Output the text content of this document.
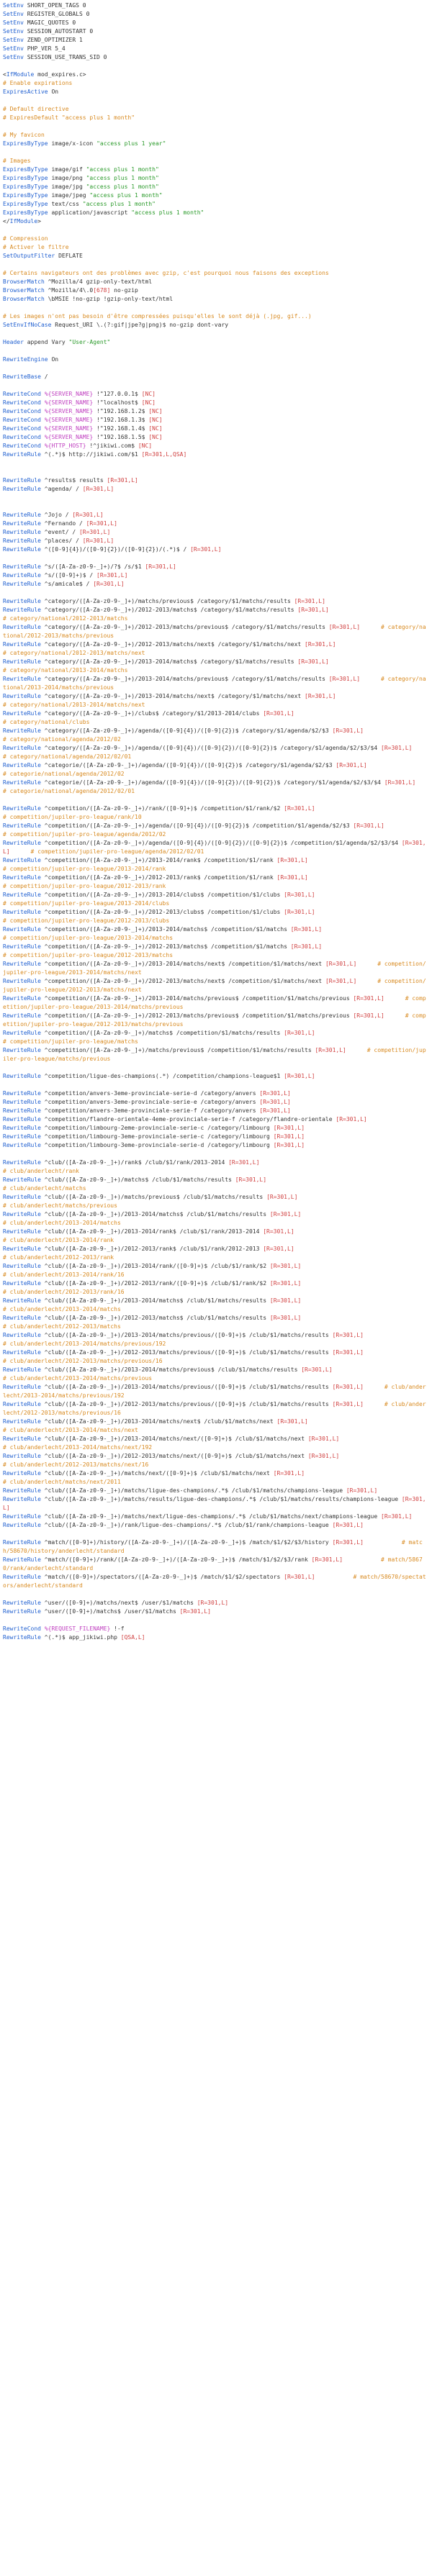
SetEnv SHORT_OPEN_TAGS 0
SetEnv REGISTER_GLOBALS 0
SetEnv MAGIC_QUOTES 0
SetEnv SESSION_AUTOSTART 0
SetEnv ZEND_OPTIMIZER 1
SetEnv PHP_VER 5_4
SetEnv SESSION_USE_TRANS_SID 0
<IfModule mod_expires.c>
# Enable expirations
ExpiresActive On
# Default directive
# ExpiresDefault "access plus 1 month"
# My favicon
ExpiresByType image/x-icon "access plus 1 year"
# Images
ExpiresByType image/gif "access plus 1 month"
ExpiresByType image/png "access plus 1 month"
ExpiresByType image/jpg "access plus 1 month"
ExpiresByType image/jpeg "access plus 1 month"
ExpiresByType text/css "access plus 1 month"
ExpiresByType application/javascript "access plus 1 month"
</IfModule>
# Compression
# Activer le filtre
SetOutputFilter DEFLATE
# Certains navigateurs ont des problèmes avec gzip, c'est pourquoi nous faisons des exceptions
BrowserMatch ^Mozilla/4 gzip-only-text/html
BrowserMatch ^Mozilla/4\.0[678] no-gzip
BrowserMatch \bMSIE !no-gzip !gzip-only-text/html
# Les images n'ont pas besoin d'être compressées puisqu'elles le sont déjà (.jpg, gif...)
SetEnvIfNoCase Request_URI \.(?:gif|jpe?g|png)$ no-gzip dont-vary
Header append Vary "User-Agent"
RewriteEngine On
RewriteBase /
RewriteCond %{SERVER_NAME} !"127.0.0.1$ [NC]
RewriteCond %{SERVER_NAME} !"localhost$ [NC]
RewriteCond %{SERVER_NAME} !"192.168.1.2$ [NC]
RewriteCond %{SERVER_NAME} !"192.168.1.3$ [NC]
RewriteCond %{SERVER_NAME} !"192.168.1.4$ [NC]
RewriteCond %{SERVER_NAME} !"192.168.1.5$ [NC]
RewriteCond %{HTTP_HOST} !^jikiwi.com$ [NC]
RewriteRule ^(.*)$ http://jikiwi.com/$1 [R=301,L,QSA]
RewriteRule ^results$ results [R=301,L]
RewriteRule ^agenda/ / [R=301,L]
RewriteRule ^Jojo / [R=301,L]
RewriteRule ^Fernando / [R=301,L]
RewriteRule ^event/ / [R=301,L]
RewriteRule ^places/ / [R=301,L]
RewriteRule ^([0-9]{4})/([0-9]{2})/([0-9]{2})/(.*)$ / [R=301,L]
RewriteRule ^s/([A-Za-z0-9-_]+)/?$ /s/$1 [R=301,L]
RewriteRule ^s/([0-9]+)$ / [R=301,L]
RewriteRule ^s/amicale$ / [R=301,L]
RewriteRule ^category/([A-Za-z0-9-_]+)/matchs/previous$ /category/$1/matchs/results [R=301,L]
RewriteRule ^category/([A-Za-z0-9-_]+)/2012-2013/matchs$ /category/$1/matchs/results [R=301,L]
# category/national/2012-2013/matchs
RewriteRule ^category/([A-Za-z0-9-_]+)/2012-2013/matchs/previous$ /category/$1/matchs/results [R=301,L]	# category/national/2012-2013/matchs/previous
RewriteRule ^category/([A-Za-z0-9-_]+)/2012-2013/matchs/next$ /category/$1/matchs/next [R=301,L]
# category/national/2012-2013/matchs/next
RewriteRule ^category/([A-Za-z0-9-_]+)/2013-2014/matchs$ /category/$1/matchs/results [R=301,L]
# category/national/2013-2014/matchs
RewriteRule ^category/([A-Za-z0-9-_]+)/2013-2014/matchs/previous$ /category/$1/matchs/results [R=301,L]	# category/national/2013-2014/matchs/previous
RewriteRule ^category/([A-Za-z0-9-_]+)/2013-2014/matchs/next$ /category/$1/matchs/next [R=301,L]
# category/national/2013-2014/matchs/next
RewriteRule ^category/([A-Za-z0-9-_]+)/clubs$ /category/$1/2013-2014/clubs [R=301,L]
# category/national/clubs
RewriteRule ^category/([A-Za-z0-9-_]+)/agenda/([0-9]{4})/([0-9]{2})$ /category/$1/agenda/$2/$3 [R=301,L]
# category/national/agenda/2012/02
RewriteRule ^category/([A-Za-z0-9-_]+)/agenda/([0-9]{4})/([0-9]{2})/([0-9]{2})$ /category/$1/agenda/$2/$3/$4 [R=301,L]      # category/national/agenda/2012/02/01
RewriteRule ^categorie/([A-Za-z0-9-_]+)/agenda/([0-9]{4})/([0-9]{2})$ /category/$1/agenda/$2/$3 [R=301,L]
# categorie/national/agenda/2012/02
RewriteRule ^categorie/([A-Za-z0-9-_]+)/agenda/([0-9]{4})/([0-9]{2})/([0-9]{2})$ /category/$1/agenda/$2/$3/$4 [R=301,L]      # categorie/national/agenda/2012/02/01
RewriteRule ^competition/([A-Za-z0-9-_]+)/rank/([0-9]+)$ /competition/$1/rank/$2 [R=301,L]
# competition/jupiler-pro-league/rank/10
RewriteRule ^competition/([A-Za-z0-9-_]+)/agenda/([0-9]{4})/([0-9]{2})$ /competition/$1/agenda/$2/$3 [R=301,L]
# competition/jupiler-pro-league/agenda/2012/02
RewriteRule ^competition/([A-Za-z0-9-_]+)/agenda/([0-9]{4})/([0-9]{2})/([0-9]{2})$ /competition/$1/agenda/$2/$3/$4 [R=301,L]	# competition/jupiler-pro-league/agenda/2012/02/01
RewriteRule ^competition/([A-Za-z0-9-_]+)/2013-2014/rank$ /competition/$1/rank [R=301,L]
# competition/jupiler-pro-league/2013-2014/rank
RewriteRule ^competition/([A-Za-z0-9-_]+)/2012-2013/rank$ /competition/$1/rank [R=301,L]
# competition/jupiler-pro-league/2012-2013/rank
RewriteRule ^competition/([A-Za-z0-9-_]+)/2013-2014/clubs$ /competition/$1/clubs [R=301,L]
# competition/jupiler-pro-league/2013-2014/clubs
RewriteRule ^competition/([A-Za-z0-9-_]+)/2012-2013/clubs$ /competition/$1/clubs [R=301,L]
# competition/jupiler-pro-league/2012-2013/clubs
RewriteRule ^competition/([A-Za-z0-9-_]+)/2013-2014/matchs$ /competition/$1/matchs [R=301,L]
# competition/jupiler-pro-league/2013-2014/matchs
RewriteRule ^competition/([A-Za-z0-9-_]+)/2012-2013/matchs$ /competition/$1/matchs [R=301,L]
# competition/jupiler-pro-league/2012-2013/matchs
RewriteRule ^competition/([A-Za-z0-9-_]+)/2013-2014/matchs/next$ /competition/$1/matchs/next [R=301,L]	# competition/jupiler-pro-league/2013-2014/matchs/next
RewriteRule ^competition/([A-Za-z0-9-_]+)/2012-2013/matchs/next$ /competition/$1/matchs/next [R=301,L]	# competition/jupiler-pro-league/2012-2013/matchs/next
RewriteRule ^competition/([A-Za-z0-9-_]+)/2013-2014/matchs/previous$ /competition/$1/matchs/previous [R=301,L]	# competition/jupiler-pro-league/2013-2014/matchs/previous
RewriteRule ^competition/([A-Za-z0-9-_]+)/2012-2013/matchs/previous$ /competition/$1/matchs/previous [R=301,L]	# competition/jupiler-pro-league/2012-2013/matchs/previous
RewriteRule ^competition/([A-Za-z0-9-_]+)/matchs$ /competition/$1/matchs/results [R=301,L]
# competition/jupiler-pro-league/matchs
RewriteRule ^competition/([A-Za-z0-9-_]+)/matchs/previous$ /competition/$1/matchs/results [R=301,L]	# competition/jupiler-pro-league/matchs/previous
RewriteRule ^competition/ligue-des-champions(.*) /competition/champions-league$1 [R=301,L]
RewriteRule ^competition/anvers-3eme-provinciale-serie-d /category/anvers [R=301,L]
RewriteRule ^competition/anvers-3eme-provinciale-serie-e /category/anvers [R=301,L]
RewriteRule ^competition/anvers-3eme-provinciale-serie-f /category/anvers [R=301,L]
RewriteRule ^competition/flandre-orientale-4eme-provinciale-serie-f /category/flandre-orientale [R=301,L]
RewriteRule ^competition/limbourg-2eme-provinciale-serie-c /category/limbourg [R=301,L]
RewriteRule ^competition/limbourg-3eme-provinciale-serie-c /category/limbourg [R=301,L]
RewriteRule ^competition/limbourg-3eme-provinciale-serie-d /category/limbourg [R=301,L]
RewriteRule ^club/([A-Za-z0-9-_]+)/rank$ /club/$1/rank/2013-2014 [R=301,L]
# club/anderlecht/rank
RewriteRule ^club/([A-Za-z0-9-_]+)/matchs$ /club/$1/matchs/results [R=301,L]
# club/anderlecht/matchs
RewriteRule ^club/([A-Za-z0-9-_]+)/matchs/previous$ /club/$1/matchs/results [R=301,L]
# club/anderlecht/matchs/previous
RewriteRule ^club/([A-Za-z0-9-_]+)/2013-2014/matchs$ /club/$1/matchs/results [R=301,L]
# club/anderlecht/2013-2014/matchs
RewriteRule ^club/([A-Za-z0-9-_]+)/2013-2014/rank$ /club/$1/rank/2013-2014 [R=301,L]
# club/anderlecht/2013-2014/rank
RewriteRule ^club/([A-Za-z0-9-_]+)/2012-2013/rank$ /club/$1/rank/2012-2013 [R=301,L]
# club/anderlecht/2012-2013/rank
RewriteRule ^club/([A-Za-z0-9-_]+)/2013-2014/rank/([0-9]+)$ /club/$1/rank/$2 [R=301,L]
# club/anderlecht/2013-2014/rank/16
RewriteRule ^club/([A-Za-z0-9-_]+)/2012-2013/rank/([0-9]+)$ /club/$1/rank/$2 [R=301,L]
# club/anderlecht/2012-2013/rank/16
RewriteRule ^club/([A-Za-z0-9-_]+)/2013-2014/matchs$ /club/$1/matchs/results [R=301,L]
# club/anderlecht/2013-2014/matchs
RewriteRule ^club/([A-Za-z0-9-_]+)/2012-2013/matchs$ /club/$1/matchs/results [R=301,L]
# club/anderlecht/2012-2013/matchs
RewriteRule ^club/([A-Za-z0-9-_]+)/2013-2014/matchs/previous/([0-9]+)$ /club/$1/matchs/results [R=301,L]
# club/anderlecht/2013-2014/matchs/previous/192
RewriteRule ^club/([A-Za-z0-9-_]+)/2012-2013/matchs/previous/([0-9]+)$ /club/$1/matchs/results [R=301,L]
# club/anderlecht/2012-2013/matchs/previous/16
RewriteRule ^club/([A-Za-z0-9-_]+)/2013-2014/matchs/previous$ /club/$1/matchs/results [R=301,L]
# club/anderlecht/2013-2014/matchs/previous
RewriteRule ^club/([A-Za-z0-9-_]+)/2013-2014/matchs/previous/([0-9]+)$ /club/$1/matchs/results [R=301,L]	# club/anderlecht/2013-2014/matchs/previous/192
RewriteRule ^club/([A-Za-z0-9-_]+)/2012-2013/matchs/previous/([0-9]+)$ /club/$1/matchs/results [R=301,L]	# club/anderlecht/2012-2013/matchs/previous/16
RewriteRule ^club/([A-Za-z0-9-_]+)/2013-2014/matchs/next$ /club/$1/matchs/next [R=301,L]
# club/anderlecht/2013-2014/matchs/next
RewriteRule ^club/([A-Za-z0-9-_]+)/2013-2014/matchs/next/([0-9]+)$ /club/$1/matchs/next [R=301,L]
# club/anderlecht/2013-2014/matchs/next/192
RewriteRule ^club/([A-Za-z0-9-_]+)/2012-2013/matchs/next/([0-9]+)$ /club/$1/matchs/next [R=301,L]
# club/anderlecht/2012-2013/matchs/next/16
RewriteRule ^club/([A-Za-z0-9-_]+)/matchs/next/([0-9]+)$ /club/$1/matchs/next [R=301,L]
# club/anderlecht/matchs/next/2011
RewriteRule ^club/([A-Za-z0-9-_]+)/matchs/ligue-des-champions/.*$ /club/$1/matchs/champions-league [R=301,L]
RewriteRule ^club/([A-Za-z0-9-_]+)/matchs/results/ligue-des-champions/.*$ /club/$1/matchs/results/champions-league [R=301,L]
RewriteRule ^club/([A-Za-z0-9-_]+)/matchs/next/ligue-des-champions/.*$ /club/$1/matchs/next/champions-league [R=301,L]
RewriteRule ^club/([A-Za-z0-9-_]+)/rank/ligue-des-champions/.*$ /club/$1/rank/champions-league [R=301,L]
RewriteRule ^match/([0-9]+)/history/([A-Za-z0-9-_]+)/([A-Za-z0-9-_]+)$ /match/$1/$2/$3/history [R=301,L]	# match/58670/history/anderlecht/standard
RewriteRule ^match/([0-9]+)/rank/([A-Za-z0-9-_]+)/([A-Za-z0-9-_]+)$ /match/$1/$2/$3/rank [R=301,L]	# match/58670/rank/anderlecht/standard
RewriteRule ^match/([0-9]+)/spectators/([A-Za-z0-9-_]+)$ /match/$1/$2/spectators [R=301,L]	# match/58670/spectators/anderlecht/standard
RewriteRule ^user/([0-9]+)/matchs/next$ /user/$1/matchs [R=301,L]
RewriteRule ^user/([0-9]+)/matchs$ /user/$1/matchs [R=301,L]
RewriteCond %{REQUEST_FILENAME} !-f
RewriteRule ^(.*)$ app_jikiwi.php [QSA,L]
